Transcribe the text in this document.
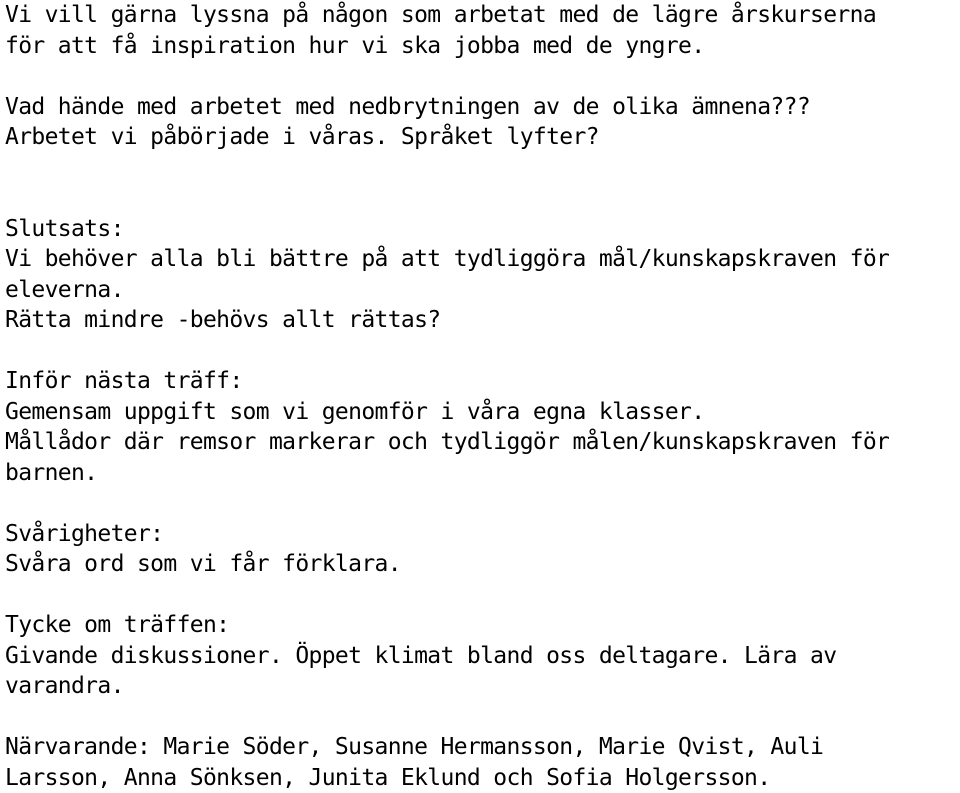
Vi vill gärna lyssna på någon som arbetat med de lägre årskurserna
för att få inspiration hur vi ska jobba med de yngre.
Vad hände med arbetet med nedbrytningen av de olika ämnena???
Arbetet vi påbörjade i våras. Språket lyfter?
Slutsats:
Vi behöver alla bli bättre på att tydliggöra mål/kunskapskraven för
eleverna.
Rätta mindre -behövs allt rättas?
Inför nästa träff:
Gemensam uppgift som vi genomför i våra egna klasser.
Mållådor där remsor markerar och tydliggör målen/kunskapskraven för
barnen.
Svårigheter:
Svåra ord som vi får förklara.
Tycke om träffen:
Givande diskussioner. Öppet klimat bland oss deltagare. Lära av
varandra.
Närvarande: Marie Söder, Susanne Hermansson, Marie Qvist, Auli
Larsson, Anna Sönksen, Junita Eklund och Sofia Holgersson.
